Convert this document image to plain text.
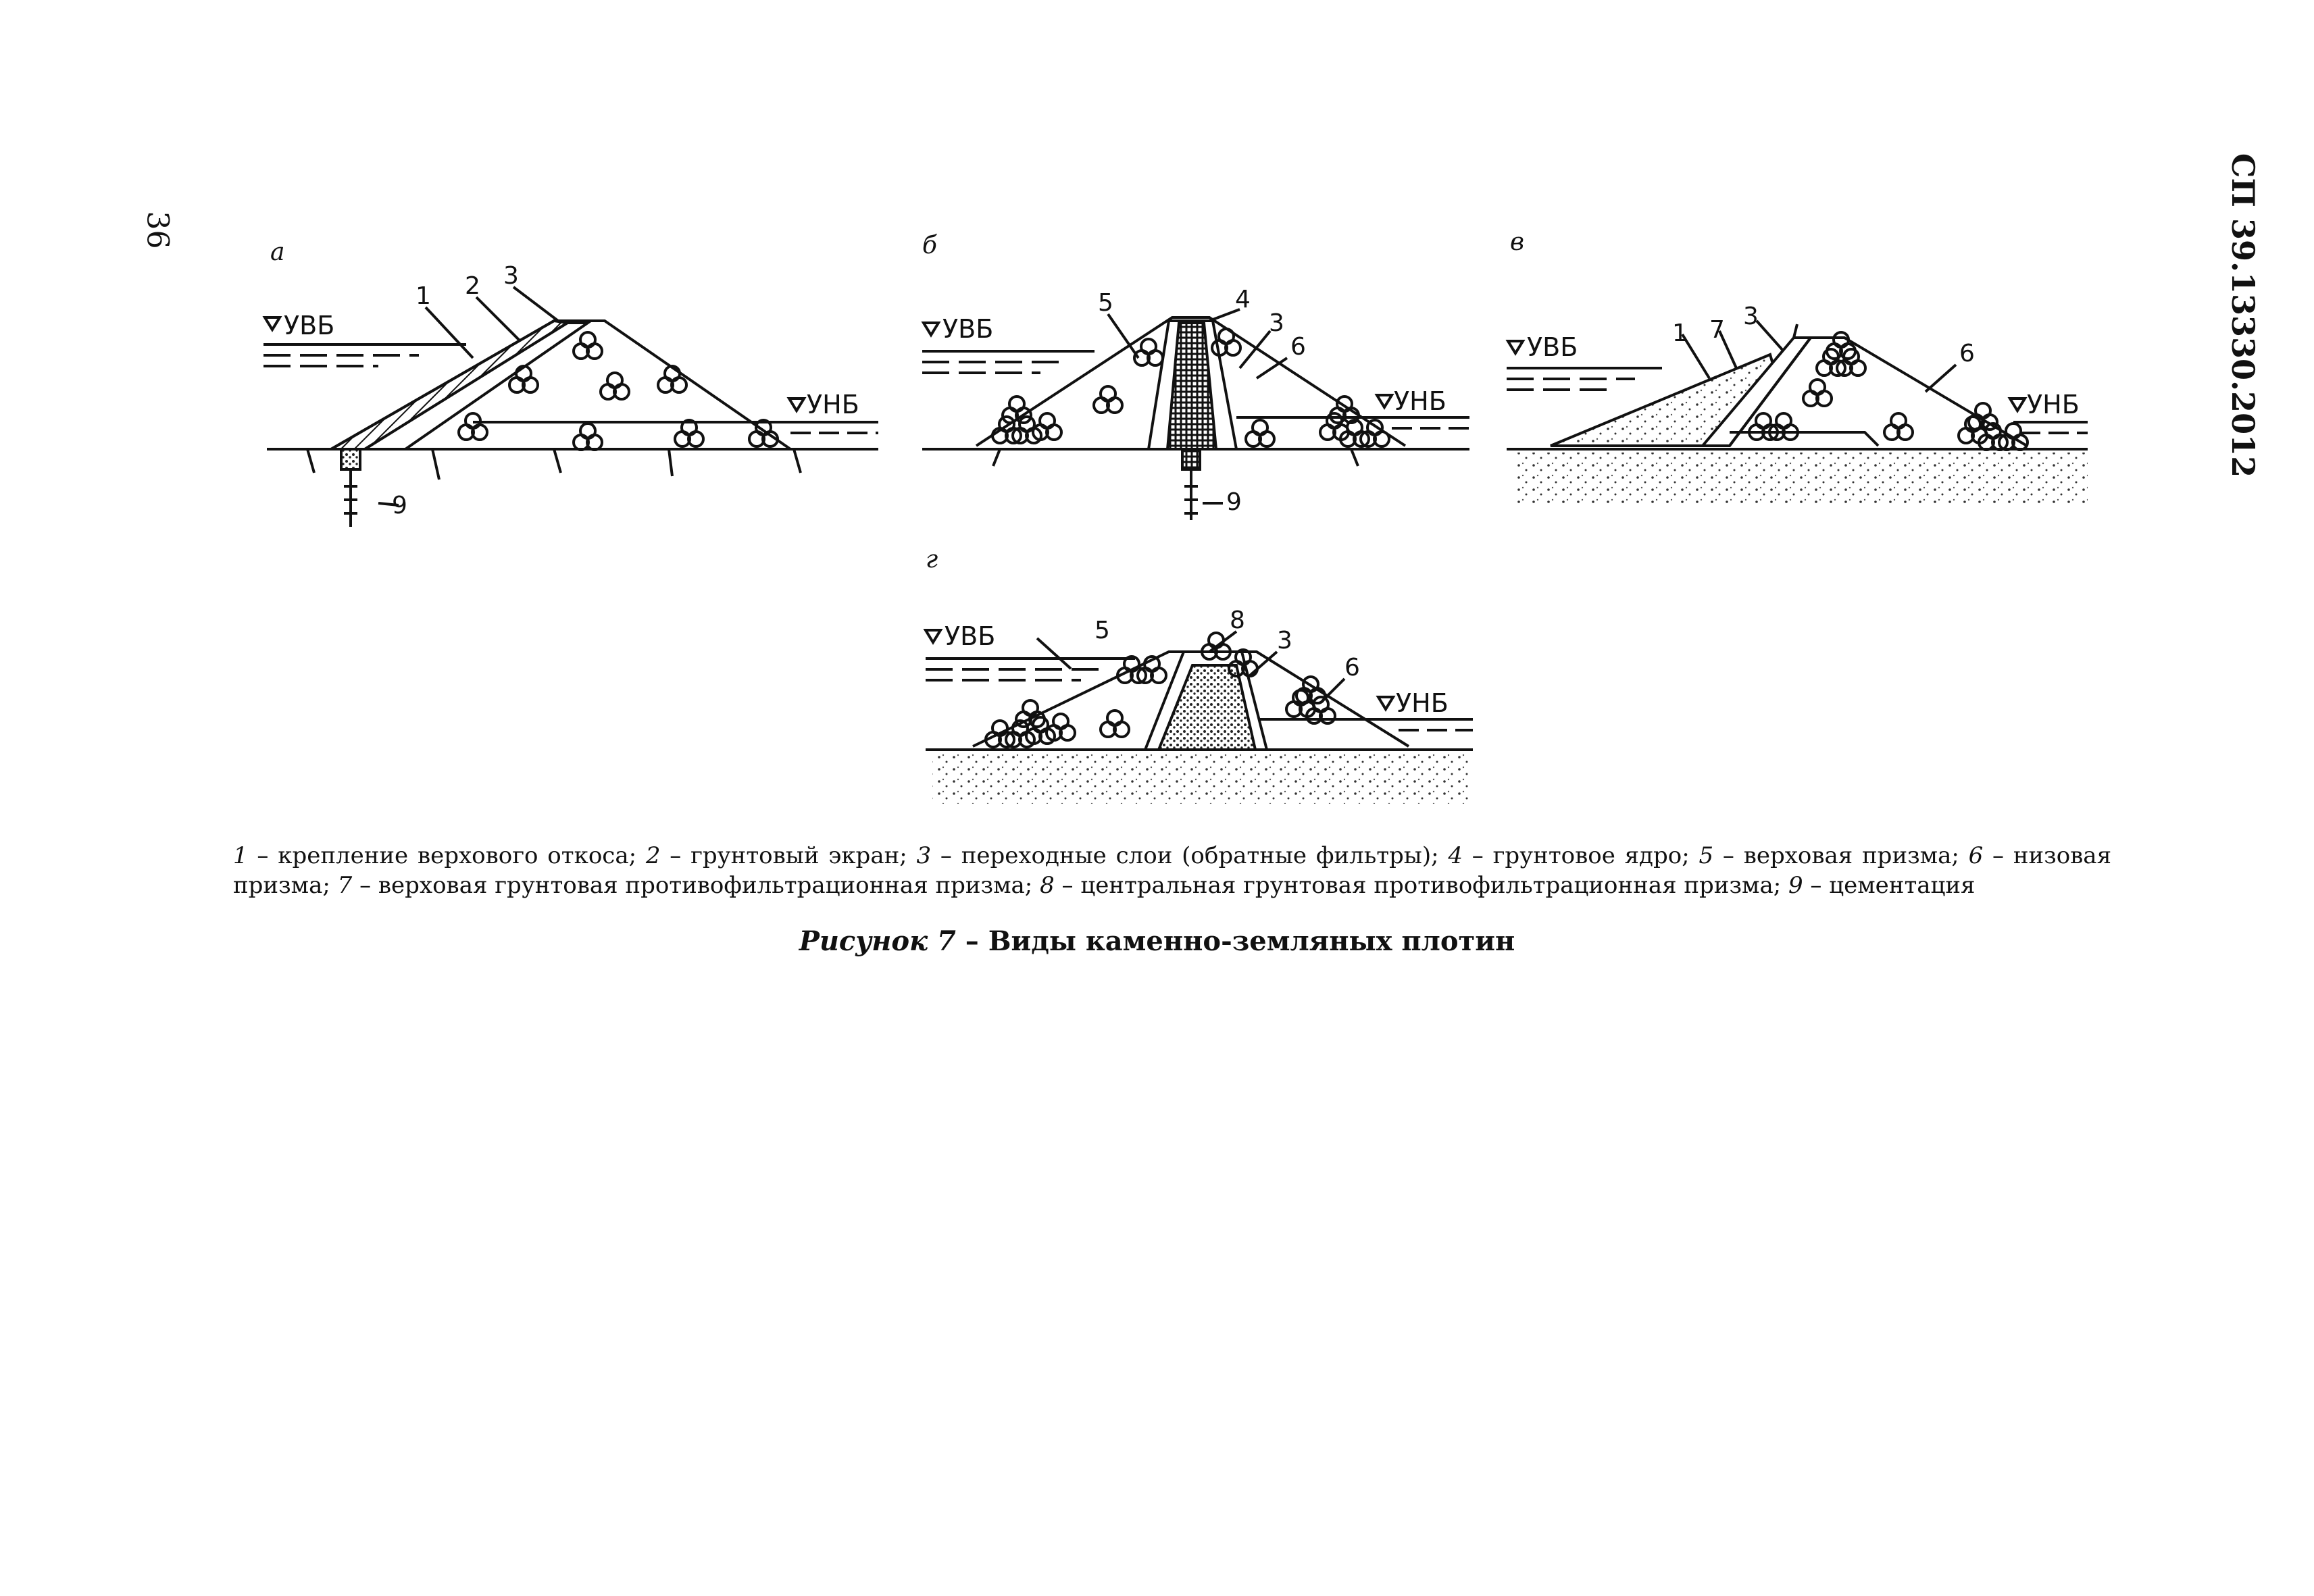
36	СП 39.13330.2012
а
УВБ
УНБ
1 2 3
9
б
УВБ
УНБ
5	4
3
6
9
в
УВБ
УНБ
1 7 3
6
г
УВБ
УНБ
5	8
3
6
1 – крепление верхового откоса; 2 – грунтовый экран; 3 – переходные слои (обратные фильтры); 4 – грунтовое ядро; 5 – верховая призма; 6 – низовая призма; 7 – верховая грунтовая противофильтрационная призма; 8 – центральная грунтовая противофильтрационная призма; 9 – цементация
Рисунок 7 – Виды каменно-земляных плотин
